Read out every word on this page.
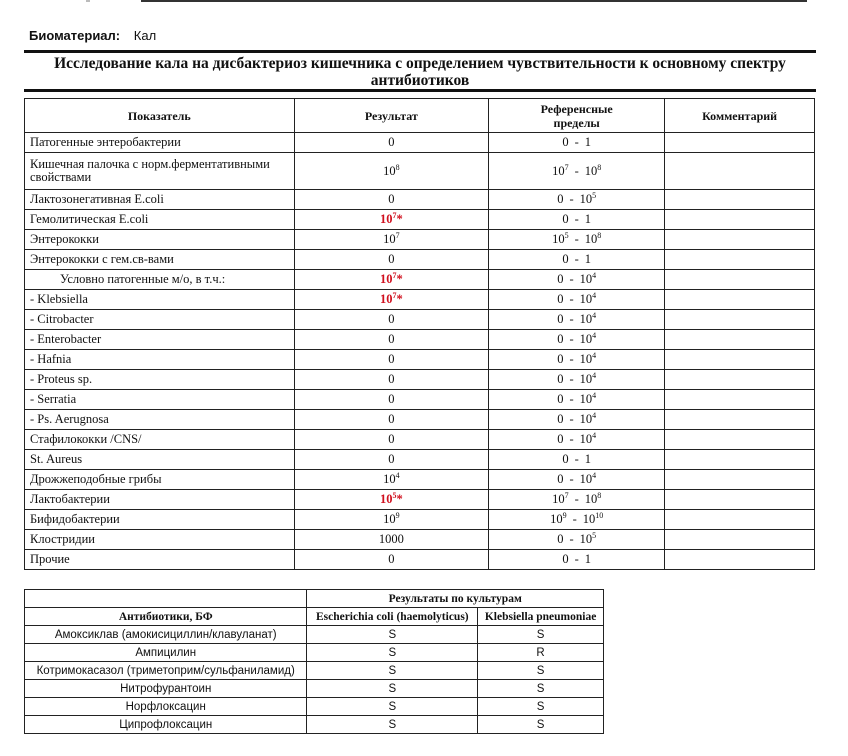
Биоматериал: Кал
Исследование кала на дисбактериоз кишечника с определением чувствительности к основному спектру антибиотиков
Показатель	Результат	Референсные пределы	Комментарий
Патогенные энтеробактерии	0	0 - 1	
Кишечная палочка с норм.ферментативными свойствами	$10^8$	$10^7 - 10^8$	
Лактозонегативная E.coli	0	$0 - 10^5$	
Гемолитическая E.coli	$10^7*$	0 - 1	
Энтерококки	$10^7$	$10^5 - 10^8$	
Энтерококки с гем.св-вами	0	0 - 1	
Условно патогенные м/о, в т.ч.:	$10^7*$	$0 - 10^4$	
- Klebsiella	$10^7*$	$0 - 10^4$	
- Citrobacter	0	$0 - 10^4$	
- Enterobacter	0	$0 - 10^4$	
- Hafnia	0	$0 - 10^4$	
- Proteus sp.	0	$0 - 10^4$	
- Serratia	0	$0 - 10^4$	
- Ps. Aerugnosa	0	$0 - 10^4$	
Стафилококки /CNS/	0	$0 - 10^4$	
St. Aureus	0	0 - 1	
Дрожжеподобные грибы	$10^4$	$0 - 10^4$	
Лактобактерии	$10^5*$	$10^7 - 10^8$	
Бифидобактерии	$10^9$	$10^9 - 10^{10}$	
Клостридии	1000	$0 - 10^5$	
Прочие	0	0 - 1	
	Результаты по культурам	
Антибиотики, БФ	Escherichia coli (haemolyticus)	Klebsiella pneumoniae
Амоксиклав (амокисициллин/клавуланат)	S	S
Ампицилин	S	R
Котримокасазол (триметоприм/сульфаниламид)	S	S
Нитрофурантоин	S	S
Норфлоксацин	S	S
Ципрофлоксацин	S	S
